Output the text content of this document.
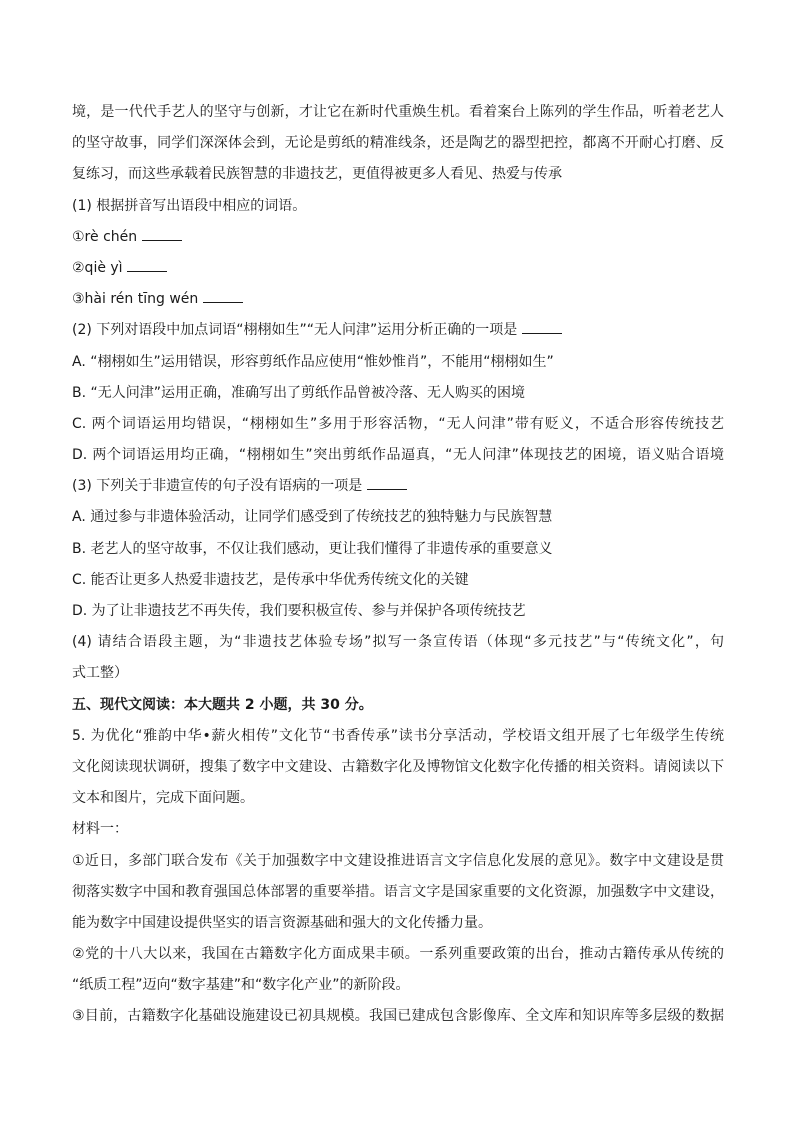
境，是一代代手艺人的坚守与创新，才让它在新时代重焕生机。看着案台上陈列的学生作品，听着老艺人
的坚守故事，同学们深深体会到，无论是剪纸的精准线条，还是陶艺的器型把控，都离不开耐心打磨、反
复练习，而这些承载着民族智慧的非遗技艺，更值得被更多人看见、热爱与传承
(1) 根据拼音写出语段中相应的词语。
①rè chén
②qiè yì
③hài rén tīng wén
(2) 下列对语段中加点词语“栩栩如生”“无人问津”运用分析正确的一项是
A. “栩栩如生”运用错误，形容剪纸作品应使用“惟妙惟肖”，不能用“栩栩如生”
B. “无人问津”运用正确，准确写出了剪纸作品曾被冷落、无人购买的困境
C. 两个词语运用均错误，“栩栩如生”多用于形容活物，“无人问津”带有贬义，不适合形容传统技艺
D. 两个词语运用均正确，“栩栩如生”突出剪纸作品逼真，“无人问津”体现技艺的困境，语义贴合语境
(3) 下列关于非遗宣传的句子没有语病的一项是
A. 通过参与非遗体验活动，让同学们感受到了传统技艺的独特魅力与民族智慧
B. 老艺人的坚守故事，不仅让我们感动，更让我们懂得了非遗传承的重要意义
C. 能否让更多人热爱非遗技艺，是传承中华优秀传统文化的关键
D. 为了让非遗技艺不再失传，我们要积极宣传、参与并保护各项传统技艺
(4) 请结合语段主题，为“非遗技艺体验专场”拟写一条宣传语（体现“多元技艺”与“传统文化”，句
式工整）
五、现代文阅读：本大题共 2 小题，共 30 分。
5. 为优化“雅韵中华•薪火相传”文化节“书香传承”读书分享活动，学校语文组开展了七年级学生传统
文化阅读现状调研，搜集了数字中文建设、古籍数字化及博物馆文化数字化传播的相关资料。请阅读以下
文本和图片，完成下面问题。
材料一：
①近日，多部门联合发布《关于加强数字中文建设推进语言文字信息化发展的意见》。数字中文建设是贯
彻落实数字中国和教育强国总体部署的重要举措。语言文字是国家重要的文化资源，加强数字中文建设，
能为数字中国建设提供坚实的语言资源基础和强大的文化传播力量。
②党的十八大以来，我国在古籍数字化方面成果丰硕。一系列重要政策的出台，推动古籍传承从传统的
“纸质工程”迈向“数字基建”和“数字化产业”的新阶段。
③目前，古籍数字化基础设施建设已初具规模。我国已建成包含影像库、全文库和知识库等多层级的数据
